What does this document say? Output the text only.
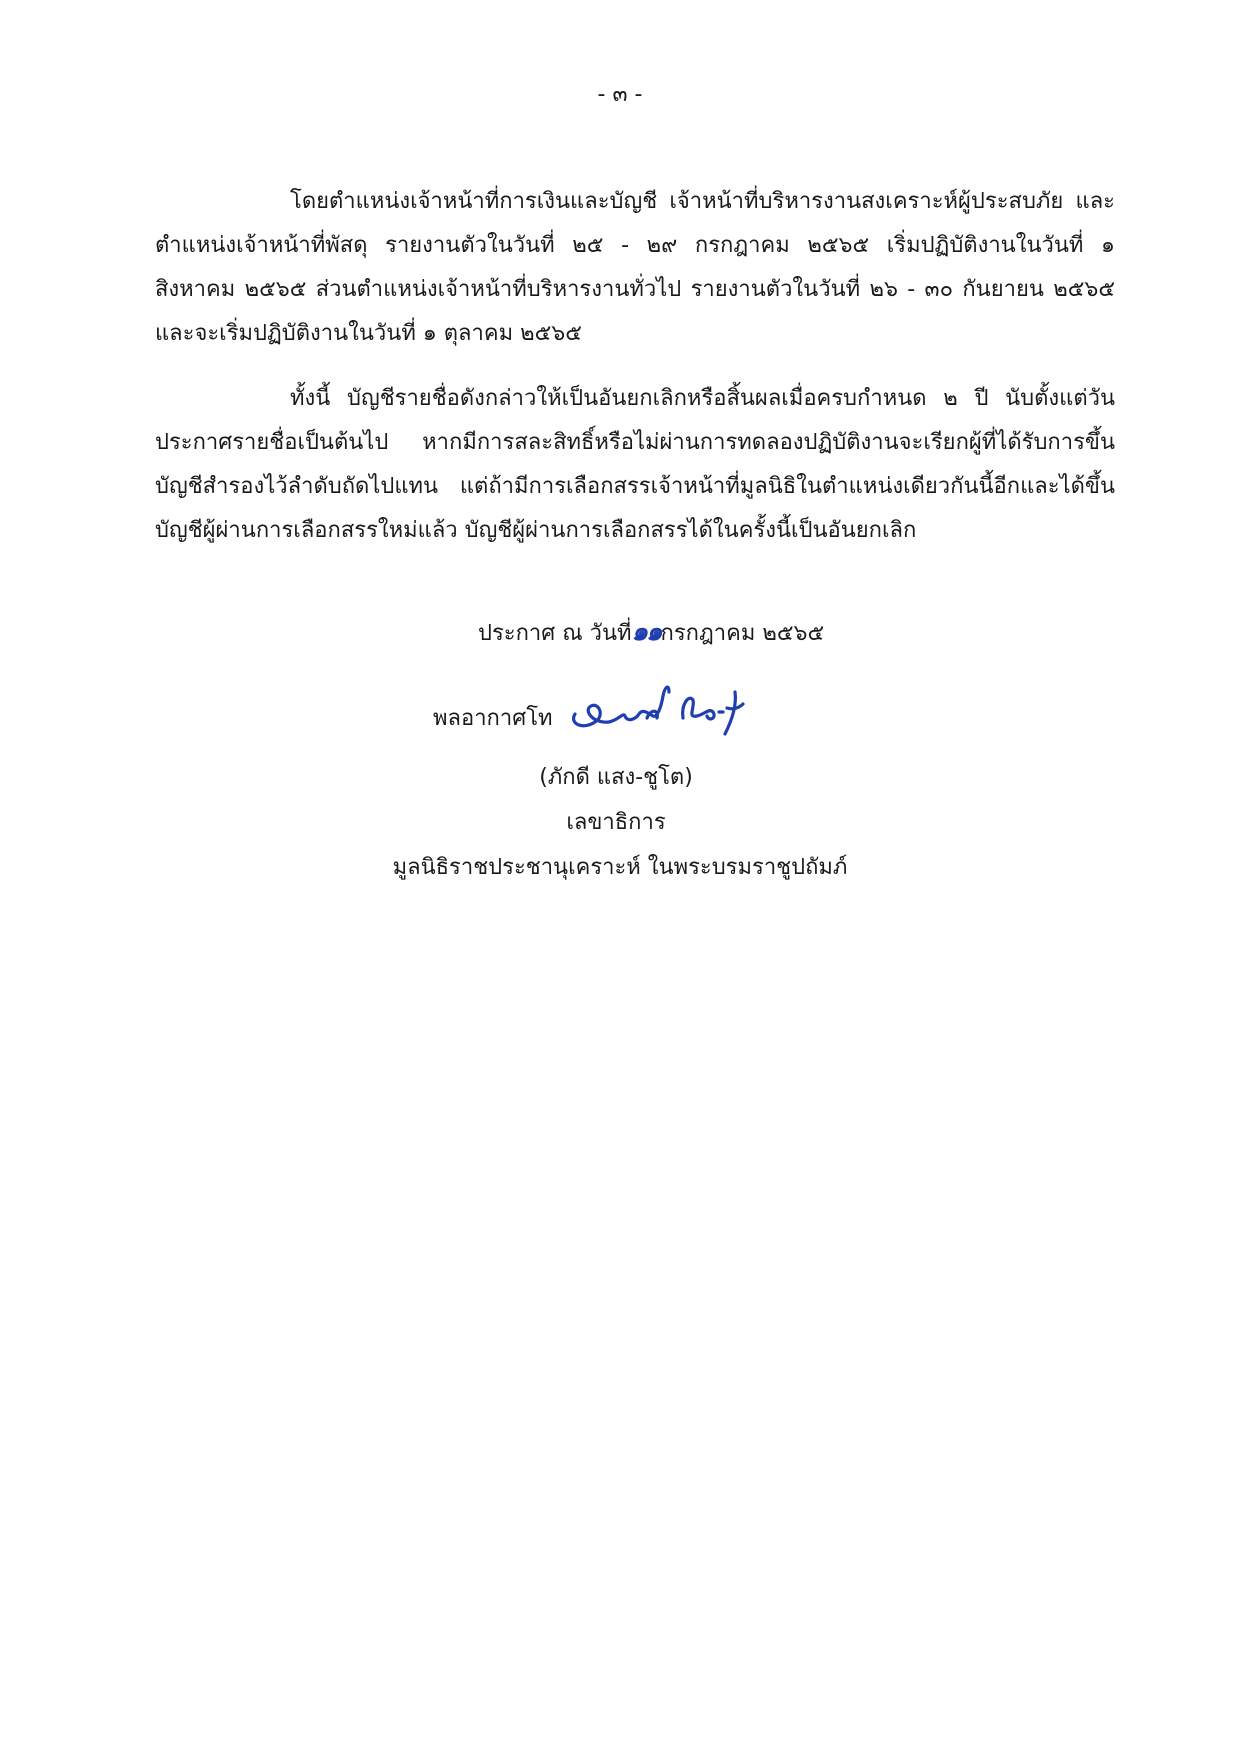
- ๓ -

โดยตำแหน่งเจ้าหน้าที่การเงินและบัญชี เจ้าหน้าที่บริหารงานสงเคราะห์ผู้ประสบภัย และตำแหน่งเจ้าหน้าที่พัสดุ รายงานตัวในวันที่ ๒๕ - ๒๙ กรกฎาคม ๒๕๖๕ เริ่มปฏิบัติงานในวันที่ ๑ สิงหาคม ๒๕๖๕ ส่วนตำแหน่งเจ้าหน้าที่บริหารงานทั่วไป รายงานตัวในวันที่ ๒๖ - ๓๐ กันยายน ๒๕๖๕ และจะเริ่มปฏิบัติงานในวันที่ ๑ ตุลาคม ๒๕๖๕

ทั้งนี้ บัญชีรายชื่อดังกล่าวให้เป็นอันยกเลิกหรือสิ้นผลเมื่อครบกำหนด ๒ ปี นับตั้งแต่วันประกาศรายชื่อเป็นต้นไป หากมีการสละสิทธิ์หรือไม่ผ่านการทดลองปฏิบัติงานจะเรียกผู้ที่ได้รับการขึ้นบัญชีสำรองไว้ลำดับถัดไปแทน แต่ถ้ามีการเลือกสรรเจ้าหน้าที่มูลนิธิในตำแหน่งเดียวกันนี้อีกและได้ขึ้นบัญชีผู้ผ่านการเลือกสรรใหม่แล้ว บัญชีผู้ผ่านการเลือกสรรได้ในครั้งนี้เป็นอันยกเลิก

ประกาศ ณ วันที่๑๑กรกฎาคม ๒๕๖๕
พลอากาศโท
(ภักดี แสง-ชูโต)
เลขาธิการ
มูลนิธิราชประชานุเคราะห์ ในพระบรมราชูปถัมภ์
